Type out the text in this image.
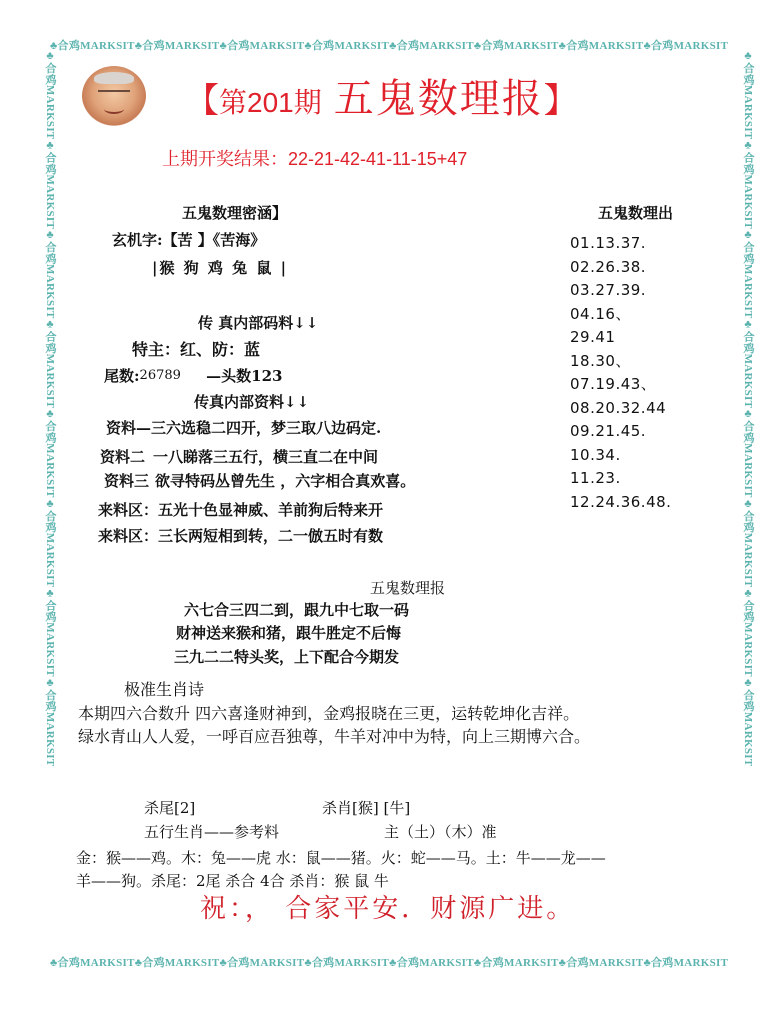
♣合鸡MARKSIT♣合鸡MARKSIT♣合鸡MARKSIT♣合鸡MARKSIT♣合鸡MARKSIT♣合鸡MARKSIT♣合鸡MARKSIT♣合鸡MARKSIT
♣合鸡MARKSIT♣合鸡MARKSIT♣合鸡MARKSIT♣合鸡MARKSIT♣合鸡MARKSIT♣合鸡MARKSIT♣合鸡MARKSIT♣合鸡MARKSIT
♣合鸡MARKSIT♣合鸡MARKSIT♣合鸡MARKSIT♣合鸡MARKSIT♣合鸡MARKSIT♣合鸡MARKSIT♣合鸡MARKSIT♣合鸡MARKSIT	♣合鸡MARKSIT♣合鸡MARKSIT♣合鸡MARKSIT♣合鸡MARKSIT♣合鸡MARKSIT♣合鸡MARKSIT♣合鸡MARKSIT♣合鸡MARKSIT
【第201期 五鬼数理报】
上期开奖结果：22-21-42-41-11-15+47
五鬼数理密涵】
玄机字:【苦 】《苦海》
|猴 狗 鸡 兔 鼠 |
传 真内部码料↓↓
特主：红、防：蓝
尾数:26789 —头数123
传真内部资料↓↓
资料—三六选稳二四开，梦三取八边码定.
资料二 一八睇落三五行，横三直二在中间
资料三 欲寻特码丛曾先生 ，六字相合真欢喜。
来料区：五光十色显神威、羊前狗后特来开
来料区：三长两短相到转，二一倣五时有数
五鬼数理出
01.13.37.
02.26.38.
03.27.39.
04.16、
29.41
18.30、
07.19.43、
08.20.32.44
09.21.45.
10.34.
11.23.
12.24.36.48.
五鬼数理报
六七合三四二到，跟九中七取一码
财神送来猴和猪，跟牛胜定不后悔
三九二二特头奖，上下配合今期发
极准生肖诗
本期四六合数升 四六喜逢财神到，金鸡报晓在三更，运转乾坤化吉祥。
绿水青山人人爱，一呼百应吾独尊，牛羊对冲中为特，向上三期博六合。
杀尾[2]	杀肖[猴] [牛]
五行生肖——参考料	主（土）（木）准
金：猴——鸡。木：兔——虎 水：鼠——猪。火：蛇——马。土：牛——龙——
羊——狗。杀尾：2尾 杀合 4合 杀肖：猴 鼠 牛
祝：， 合家平安．财源广进。
